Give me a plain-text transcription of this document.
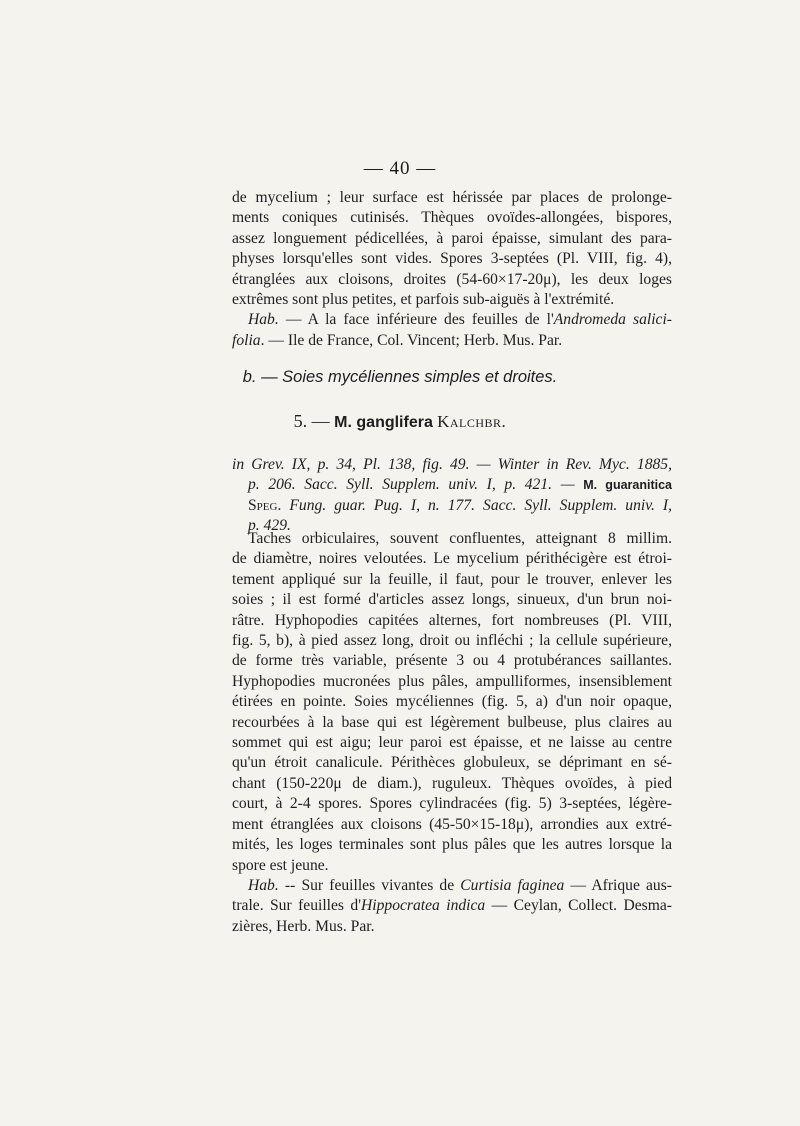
— 40 —

de mycelium ; leur surface est hérissée par places de prolonge-

ments coniques cutinisés. Thèques ovoïdes-allongées, bispores,

assez longuement pédicellées, à paroi épaisse, simulant des para-

physes lorsqu'elles sont vides. Spores 3-septées (Pl. VIII, fig. 4),

étranglées aux cloisons, droites (54-60×17-20μ), les deux loges

extrêmes sont plus petites, et parfois sub-aiguës à l'extrémité.

Hab. — A la face inférieure des feuilles de l'Andromeda salici-

folia. — Ile de France, Col. Vincent; Herb. Mus. Par.

b. — Soies mycéliennes simples et droites.
5. — M. ganglifera Kalchbr.

in Grev. IX, p. 34, Pl. 138, fig. 49. — Winter in Rev. Myc. 1885,

p. 206. Sacc. Syll. Supplem. univ. I, p. 421. — M. guaranitica

Speg. Fung. guar. Pug. I, n. 177. Sacc. Syll. Supplem. univ. I,

p. 429.

Taches orbiculaires, souvent confluentes, atteignant 8 millim.

de diamètre, noires veloutées. Le mycelium périthécigère est étroi-

tement appliqué sur la feuille, il faut, pour le trouver, enlever les

soies ; il est formé d'articles assez longs, sinueux, d'un brun noi-

râtre. Hyphopodies capitées alternes, fort nombreuses (Pl. VIII,

fig. 5, b), à pied assez long, droit ou infléchi ; la cellule supérieure,

de forme très variable, présente 3 ou 4 protubérances saillantes.

Hyphopodies mucronées plus pâles, ampulliformes, insensiblement

étirées en pointe. Soies mycéliennes (fig. 5, a) d'un noir opaque,

recourbées à la base qui est légèrement bulbeuse, plus claires au

sommet qui est aigu; leur paroi est épaisse, et ne laisse au centre

qu'un étroit canalicule. Périthèces globuleux, se déprimant en sé-

chant (150-220μ de diam.), ruguleux. Thèques ovoïdes, à pied

court, à 2-4 spores. Spores cylindracées (fig. 5) 3-septées, légère-

ment étranglées aux cloisons (45-50×15-18μ), arrondies aux extré-

mités, les loges terminales sont plus pâles que les autres lorsque la

spore est jeune.

Hab. -- Sur feuilles vivantes de Curtisia faginea — Afrique aus-

trale. Sur feuilles d'Hippocratea indica — Ceylan, Collect. Desma-

zières, Herb. Mus. Par.
